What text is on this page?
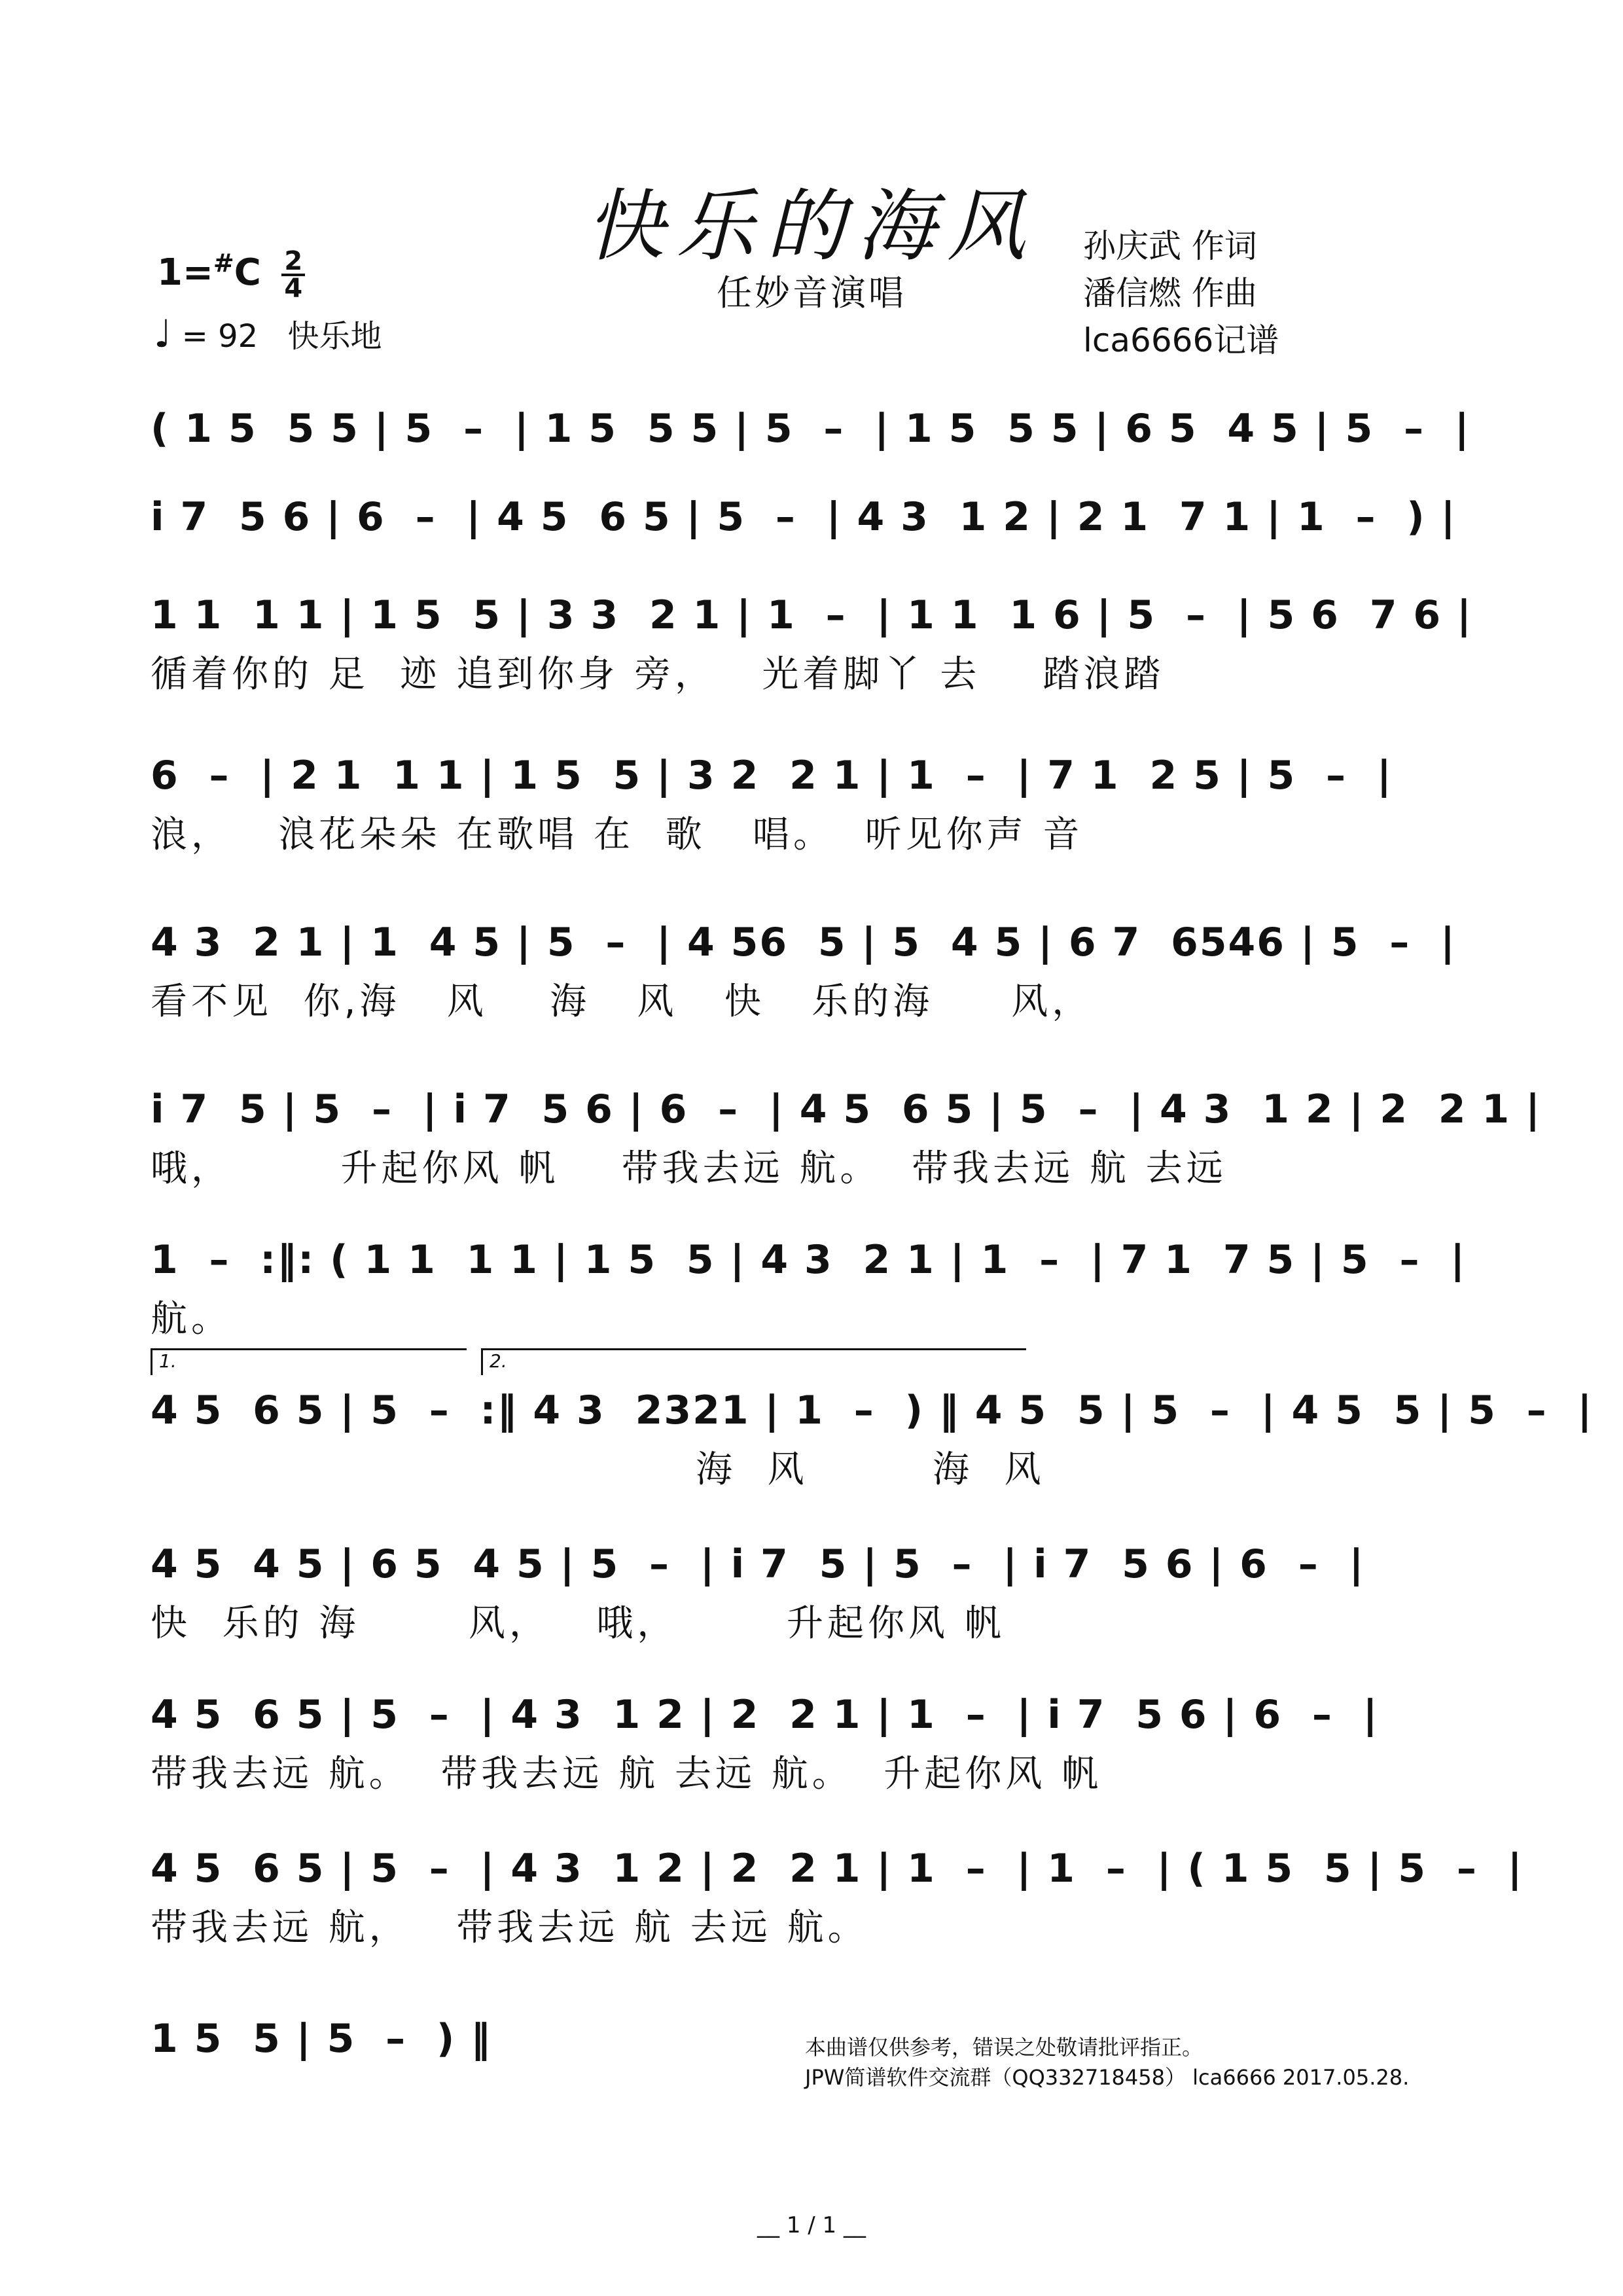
快乐的海风
任妙音演唱
孙庆武 作词
潘信燃 作曲
lca6666记谱
$1=^{\#}C \frac{2}{4}$
♩ = 92 快乐地
1.	2.
( 1 5  5 5 | 5  –  | 1 5  5 5 | 5  –  | 1 5  5 5 | 6 5  4 5 | 5  –  |
i 7  5 6 | 6  –  | 4 5  6 5 | 5  –  | 4 3  1 2 | 2 1  7 1 | 1  –  ) |
1 1  1 1 | 1 5  5 | 3 3  2 1 | 1  –  | 1 1  1 6 | 5  –  | 5 6  7 6 |
循着你的 足  迹 追到你身 旁，   光着脚丫 去    踏浪踏
6  –  | 2 1  1 1 | 1 5  5 | 3 2  2 1 | 1  –  | 7 1  2 5 | 5  –  |
浪，   浪花朵朵 在歌唱 在  歌   唱。  听见你声 音
4 3  2 1 | 1  4 5 | 5  –  | 4 56  5 | 5  4 5 | 6 7  6546 | 5  –  |
看不见  你,海   风    海   风   快   乐的海     风，
i 7  5 | 5  –  | i 7  5 6 | 6  –  | 4 5  6 5 | 5  –  | 4 3  1 2 | 2  2 1 |
哦，       升起你风 帆    带我去远 航。  带我去远 航 去远
1  –  :‖: ( 1 1  1 1 | 1 5  5 | 4 3  2 1 | 1  –  | 7 1  7 5 | 5  –  |
航。
4 5  6 5 | 5  –  :‖ 4 3  2321 | 1  –  ) ‖ 4 5  5 | 5  –  | 4 5  5 | 5  –  |
海  风        海  风
4 5  4 5 | 6 5  4 5 | 5  –  | i 7  5 | 5  –  | i 7  5 6 | 6  –  |
快  乐的 海       风，   哦，       升起你风 帆
4 5  6 5 | 5  –  | 4 3  1 2 | 2  2 1 | 1  –  | i 7  5 6 | 6  –  |
带我去远 航。  带我去远 航 去远 航。  升起你风 帆
4 5  6 5 | 5  –  | 4 3  1 2 | 2  2 1 | 1  –  | 1  –  | ( 1 5  5 | 5  –  |
带我去远 航，   带我去远 航 去远 航。
1 5  5 | 5  –  ) ‖	本曲谱仅供参考，错误之处敬请批评指正。
JPW简谱软件交流群（QQ332718458） lca6666 2017.05.28.
__ 1 / 1 __
